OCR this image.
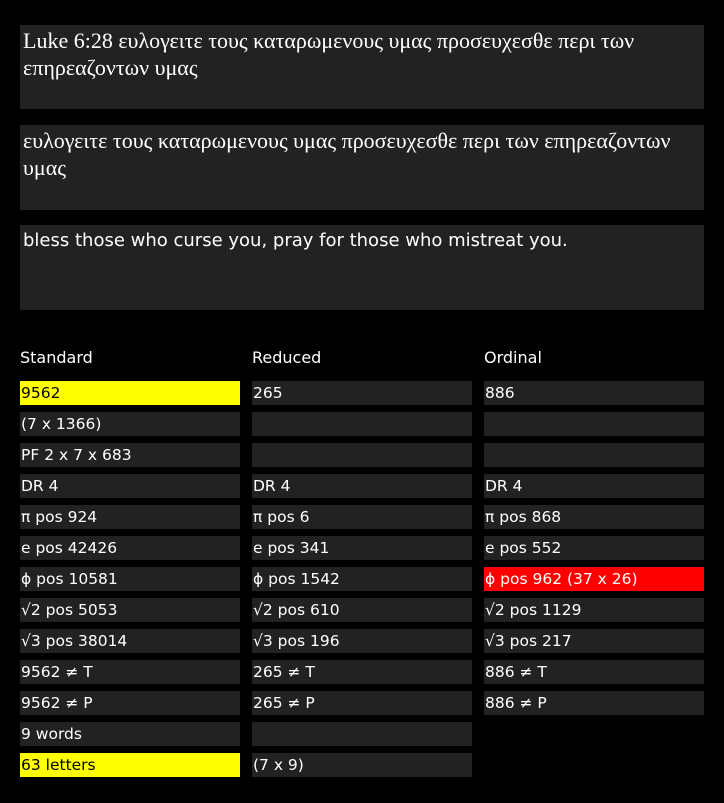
Luke 6:28 ευλογειτε τους καταρωμενους υμας προσευχεσθε περι των επηρεαζοντων υμας
ευλογειτε τους καταρωμενους υμας προσευχεσθε περι των επηρεαζοντων υμας
bless those who curse you, pray for those who mistreat you.
Standard	Reduced	Ordinal
9562
(7 x 1366)
PF 2 x 7 x 683
DR 4
π pos 924
e pos 42426
ϕ pos 10581
√2 pos 5053
√3 pos 38014
9562 ≠ T
9562 ≠ P
9 words
63 letters
265
DR 4
π pos 6
e pos 341
ϕ pos 1542
√2 pos 610
√3 pos 196
265 ≠ T
265 ≠ P
(7 x 9)
886
DR 4
π pos 868
e pos 552
ϕ pos 962 (37 x 26)
√2 pos 1129
√3 pos 217
886 ≠ T
886 ≠ P
